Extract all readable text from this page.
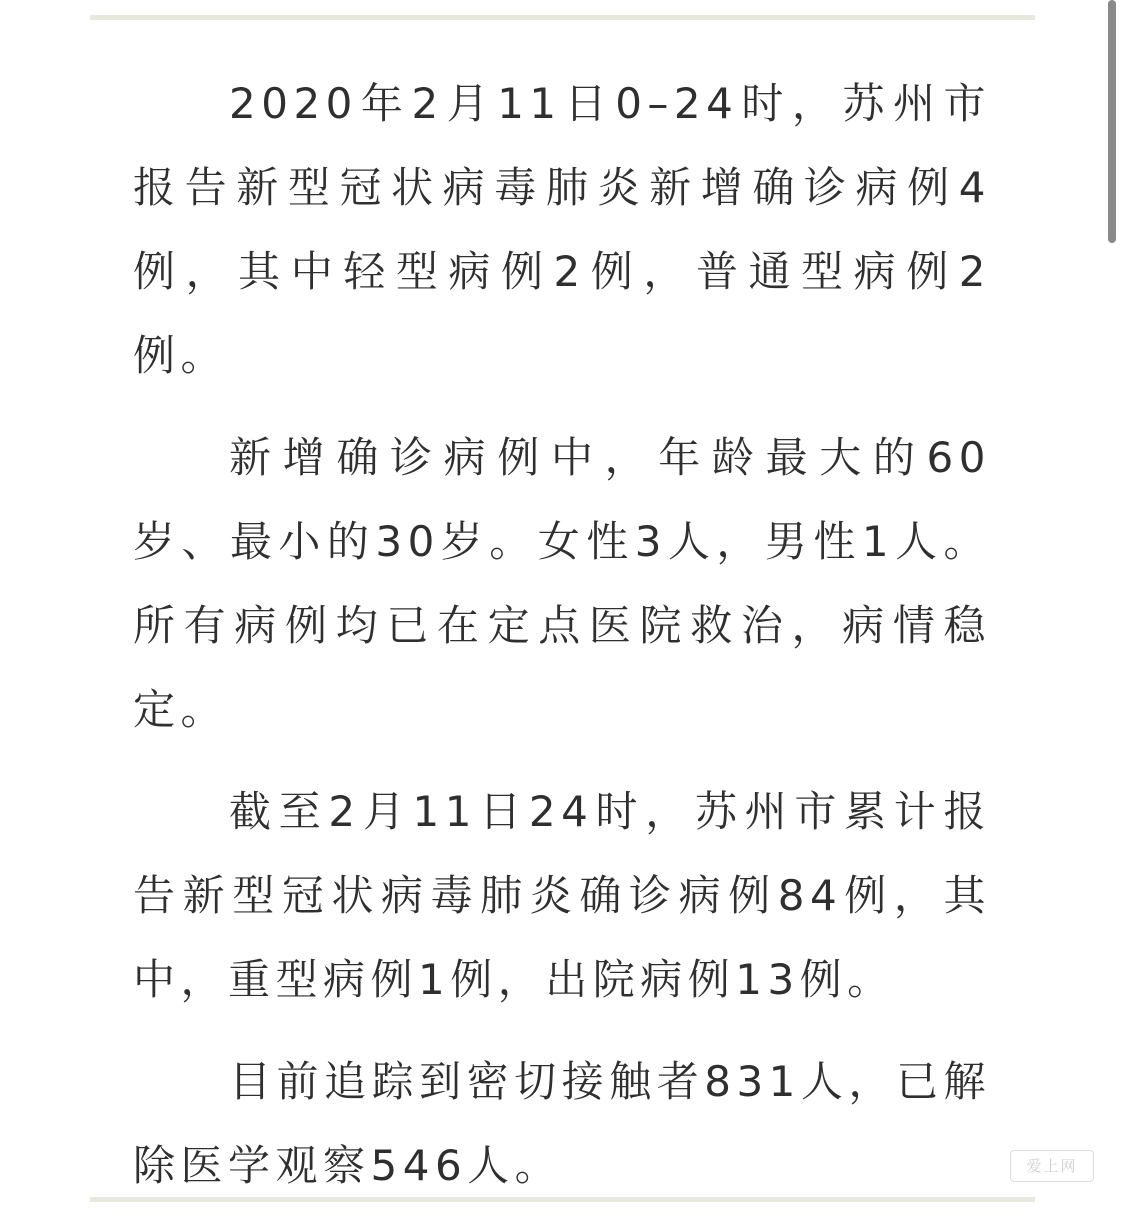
2020年2月11日0–24时，苏州市报告新型冠状病毒肺炎新增确诊病例4例，其中轻型病例2例，普通型病例2例。

新增确诊病例中，年龄最大的60岁、最小的30岁。女性3人，男性1人。所有病例均已在定点医院救治，病情稳定。

截至2月11日24时，苏州市累计报告新型冠状病毒肺炎确诊病例84例，其中，重型病例1例，出院病例13例。

目前追踪到密切接触者831人，已解除医学观察546人。	爱上网
